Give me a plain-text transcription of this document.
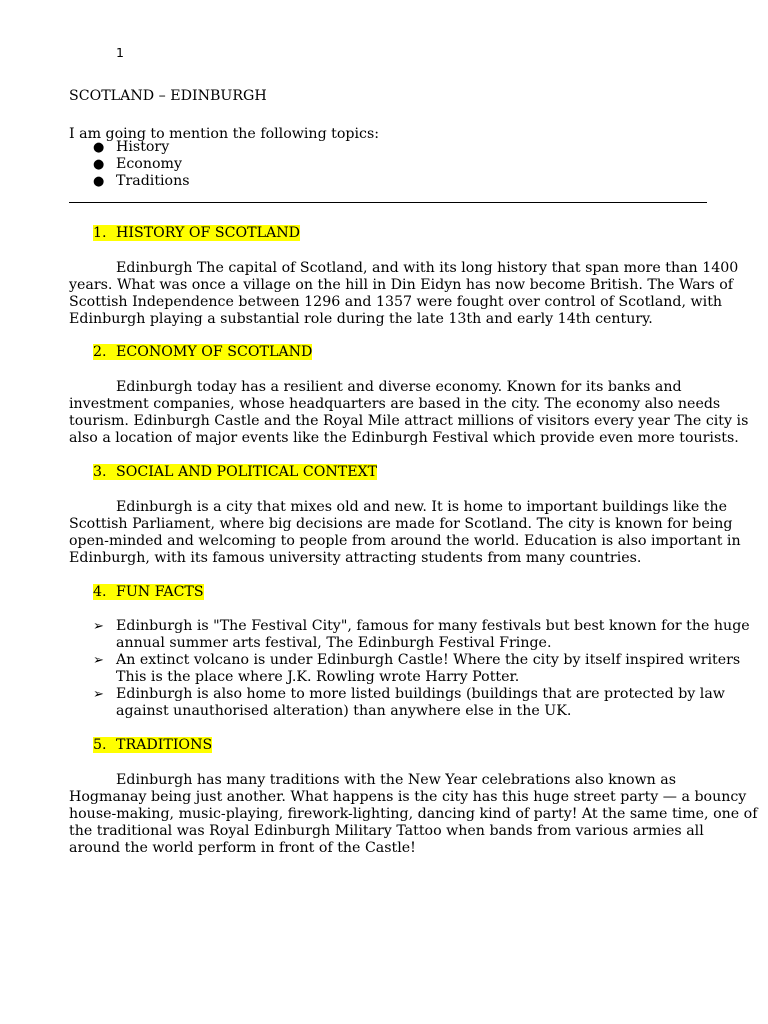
1

SCOTLAND – EDINBURGH

I am going to mention the following topics:

● History
● Economy
● Traditions

1. HISTORY OF SCOTLAND

Edinburgh The capital of Scotland, and with its long history that span more than 1400
years. What was once a village on the hill in Din Eidyn has now become British. The Wars of
Scottish Independence between 1296 and 1357 were fought over control of Scotland, with
Edinburgh playing a substantial role during the late 13th and early 14th century.

2. ECONOMY OF SCOTLAND

Edinburgh today has a resilient and diverse economy. Known for its banks and
investment companies, whose headquarters are based in the city. The economy also needs
tourism. Edinburgh Castle and the Royal Mile attract millions of visitors every year The city is
also a location of major events like the Edinburgh Festival which provide even more tourists.

3. SOCIAL AND POLITICAL CONTEXT

Edinburgh is a city that mixes old and new. It is home to important buildings like the
Scottish Parliament, where big decisions are made for Scotland. The city is known for being
open-minded and welcoming to people from around the world. Education is also important in
Edinburgh, with its famous university attracting students from many countries.

4. FUN FACTS

➢ Edinburgh is "The Festival City", famous for many festivals but best known for the huge
annual summer arts festival, The Edinburgh Festival Fringe.
➢ An extinct volcano is under Edinburgh Castle! Where the city by itself inspired writers
This is the place where J.K. Rowling wrote Harry Potter.
➢ Edinburgh is also home to more listed buildings (buildings that are protected by law
against unauthorised alteration) than anywhere else in the UK.

5. TRADITIONS

Edinburgh has many traditions with the New Year celebrations also known as
Hogmanay being just another. What happens is the city has this huge street party — a bouncy
house-making, music-playing, firework-lighting, dancing kind of party! At the same time, one of
the traditional was Royal Edinburgh Military Tattoo when bands from various armies all
around the world perform in front of the Castle!
